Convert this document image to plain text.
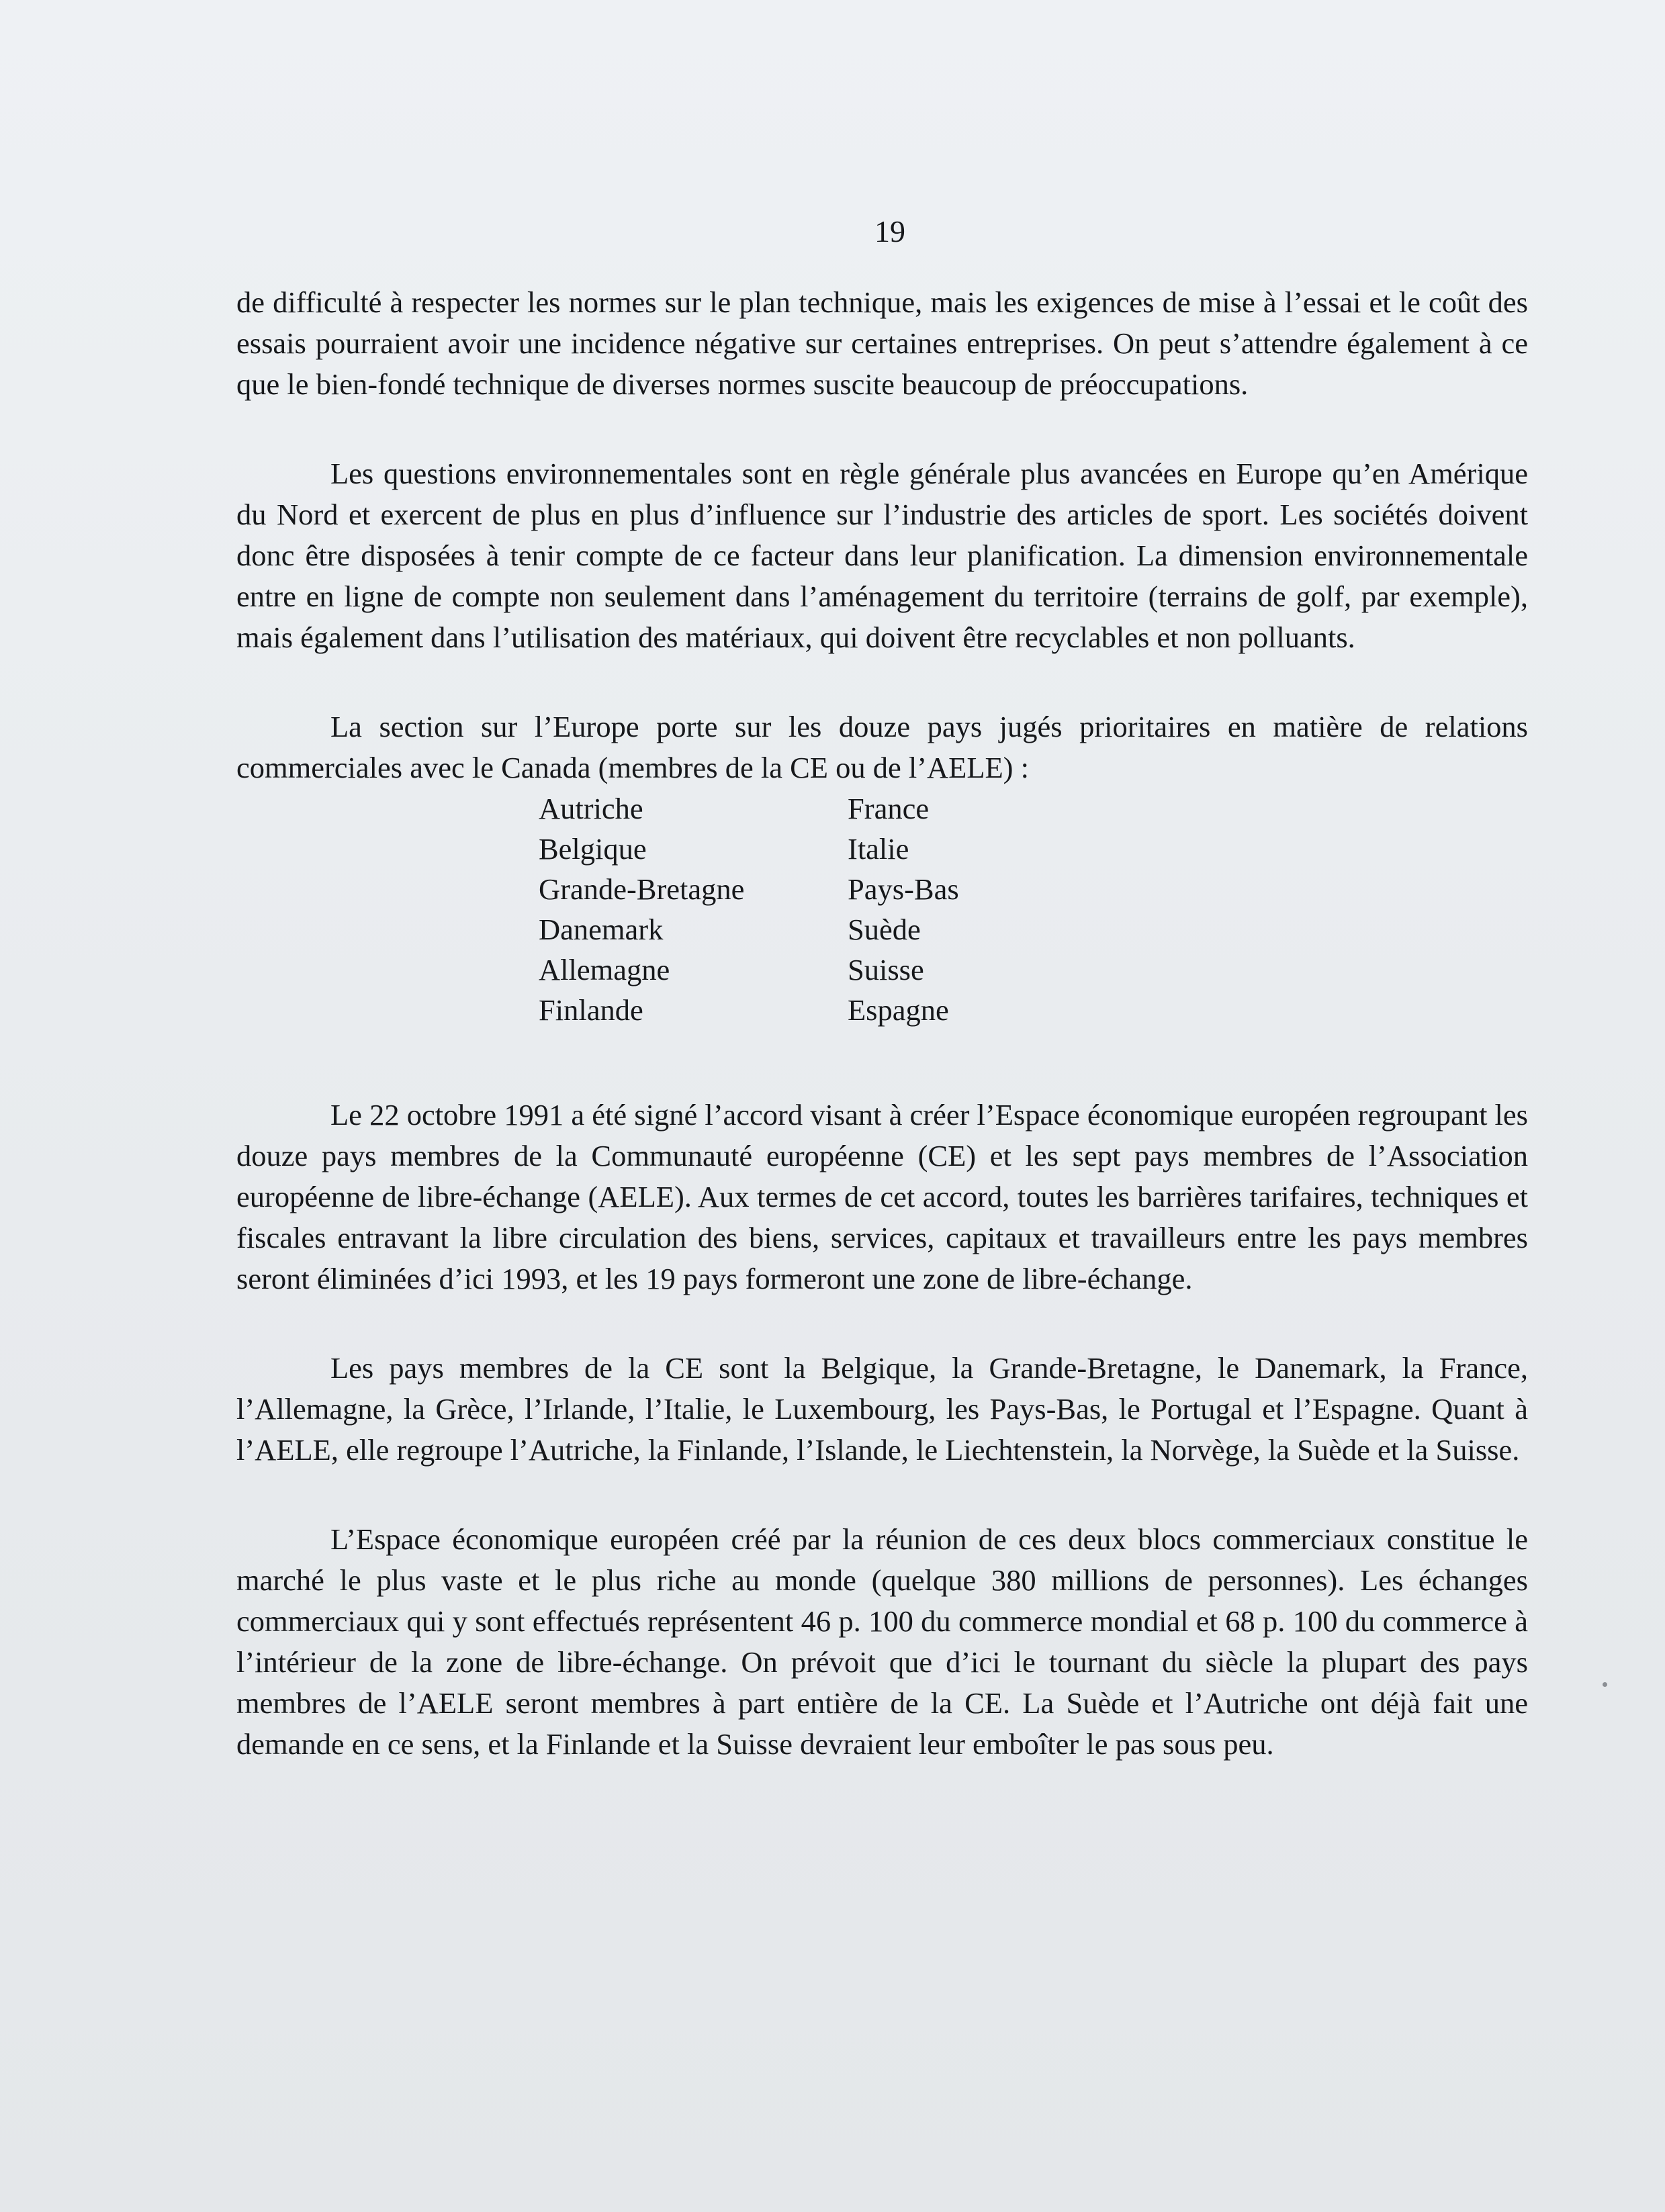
19

de difficulté à respecter les normes sur le plan technique, mais les exigences de mise à l’essai et le coût des essais pourraient avoir une incidence négative sur certaines entreprises. On peut s’attendre également à ce que le bien-fondé technique de diverses normes suscite beaucoup de préoccupations.

Les questions environnementales sont en règle générale plus avancées en Europe qu’en Amérique du Nord et exercent de plus en plus d’influence sur l’industrie des articles de sport. Les sociétés doivent donc être disposées à tenir compte de ce facteur dans leur planification. La dimension environnementale entre en ligne de compte non seulement dans l’aménagement du territoire (terrains de golf, par exemple), mais également dans l’utilisation des matériaux, qui doivent être recyclables et non polluants.

La section sur l’Europe porte sur les douze pays jugés prioritaires en matière de relations commerciales avec le Canada (membres de la CE ou de l’AELE) :

Autriche
Belgique
Grande-Bretagne
Danemark
Allemagne
Finlande
France
Italie
Pays-Bas
Suède
Suisse
Espagne

Le 22 octobre 1991 a été signé l’accord visant à créer l’Espace économique européen regroupant les douze pays membres de la Communauté européenne (CE) et les sept pays membres de l’Association européenne de libre-échange (AELE). Aux termes de cet accord, toutes les barrières tarifaires, techniques et fiscales entravant la libre circulation des biens, services, capitaux et travailleurs entre les pays membres seront éliminées d’ici 1993, et les 19 pays formeront une zone de libre-échange.

Les pays membres de la CE sont la Belgique, la Grande-Bretagne, le Danemark, la France, l’Allemagne, la Grèce, l’Irlande, l’Italie, le Luxembourg, les Pays-Bas, le Portugal et l’Espagne. Quant à l’AELE, elle regroupe l’Autriche, la Finlande, l’Islande, le Liechtenstein, la Norvège, la Suède et la Suisse.

L’Espace économique européen créé par la réunion de ces deux blocs commerciaux constitue le marché le plus vaste et le plus riche au monde (quelque 380 millions de personnes). Les échanges commerciaux qui y sont effectués représentent 46 p. 100 du commerce mondial et 68 p. 100 du commerce à l’intérieur de la zone de libre-échange. On prévoit que d’ici le tournant du siècle la plupart des pays membres de l’AELE seront membres à part entière de la CE. La Suède et l’Autriche ont déjà fait une demande en ce sens, et la Finlande et la Suisse devraient leur emboîter le pas sous peu.
